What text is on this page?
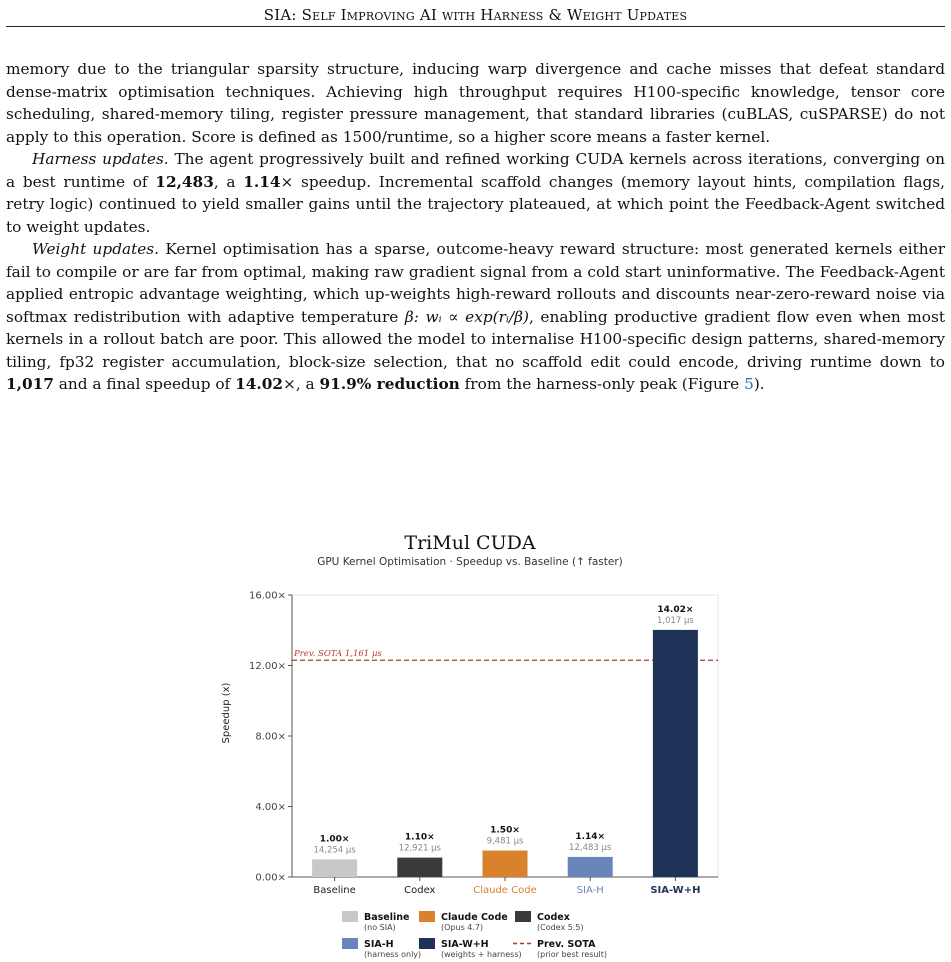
SIA: Self Improving AI with Harness & Weight Updates

memory due to the triangular sparsity structure, inducing warp divergence and cache misses that defeat standard dense-matrix optimisation techniques. Achieving high throughput requires H100-specific knowledge, tensor core scheduling, shared-memory tiling, register pressure management, that standard libraries (cuBLAS, cuSPARSE) do not apply to this operation. Score is defined as 1500/runtime, so a higher score means a faster kernel.

Harness updates. The agent progressively built and refined working CUDA kernels across iterations, converging on a best runtime of 12,483, a 1.14× speedup. Incremental scaffold changes (memory layout hints, compilation flags, retry logic) continued to yield smaller gains until the trajectory plateaued, at which point the Feedback-Agent switched to weight updates.

Weight updates. Kernel optimisation has a sparse, outcome-heavy reward structure: most generated kernels either fail to compile or are far from optimal, making raw gradient signal from a cold start uninformative. The Feedback-Agent applied entropic advantage weighting, which up-weights high-reward rollouts and discounts near-zero-reward noise via softmax redistribution with adaptive temperature β: wᵢ ∝ exp(rᵢ/β), enabling productive gradient flow even when most kernels in a rollout batch are poor. This allowed the model to internalise H100-specific design patterns, shared-memory tiling, fp32 register accumulation, block-size selection, that no scaffold edit could encode, driving runtime down to 1,017 and a final speedup of 14.02×, a 91.9% reduction from the harness-only peak (Figure 5).

TriMul CUDA
GPU Kernel Optimisation · Speedup vs. Baseline (↑ faster)
Speedup (x)
0.00×
4.00×
8.00×
12.00×
16.00×
Prev. SOTA 1,161 µs
1.00×
14,254 µs
Baseline
1.10×
12,921 µs
Codex
1.50×
9,481 µs
Claude Code
1.14×
12,483 µs
SIA-H
14.02×
1,017 µs
SIA-W+H
Baseline
(no SIA)
Claude Code
(Opus 4.7)
Codex
(Codex 5.5)
SIA-H
(harness only)
SIA-W+H
(weights + harness)
Prev. SOTA
(prior best result)
